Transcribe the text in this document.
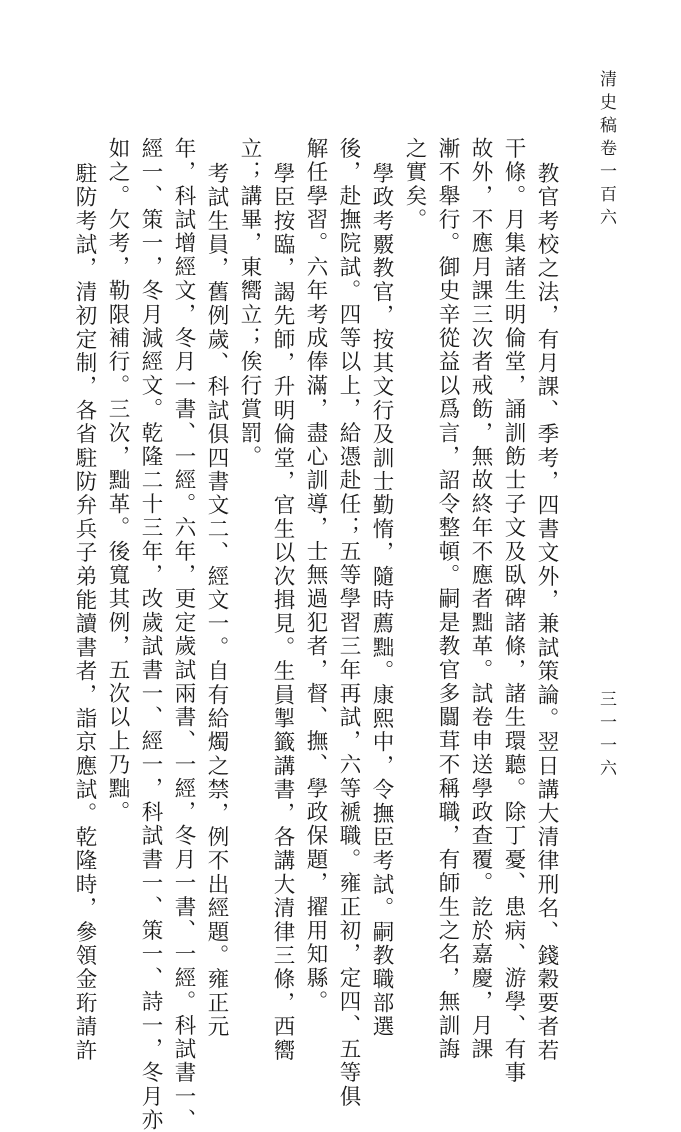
清史稿卷一百六
三一一六
教官考校之法，有月課、季考，四書文外，兼試策論。翌日講大清律刑名、錢穀要者若
干條。月集諸生明倫堂，誦訓飭士子文及臥碑諸條，諸生環聽。除丁憂、患病、游學、有事
故外，不應月課三次者戒飭，無故終年不應者黜革。試卷申送學政查覆。訖於嘉慶，月課
漸不舉行。御史辛從益以爲言，詔令整頓。嗣是教官多闒茸不稱職，有師生之名，無訓誨
之實矣。
學政考覈教官，按其文行及訓士勤惰，隨時薦黜。康熙中，令撫臣考試。嗣教職部選
後，赴撫院試。四等以上，給憑赴任；五等學習三年再試，六等褫職。雍正初，定四、五等俱
解任學習。六年考成俸滿，盡心訓導，士無過犯者，督、撫、學政保題，擢用知縣。
學臣按臨，謁先師，升明倫堂，官生以次揖見。生員掣籤講書，各講大清律三條，西嚮
立；講畢，東嚮立；俟行賞罰。
考試生員，舊例歲、科試俱四書文二、經文一。自有給燭之禁，例不出經題。雍正元
年，科試增經文，冬月一書、一經。六年，更定歲試兩書、一經，冬月一書、一經。科試書一、
經一、策一，冬月減經文。乾隆二十三年，改歲試書一、經一，科試書一、策一、詩一，冬月亦
如之。欠考，勒限補行。三次，黜革。後寬其例，五次以上乃黜。
駐防考試，清初定制，各省駐防弁兵子弟能讀書者，詣京應試。乾隆時，參領金珩請許
